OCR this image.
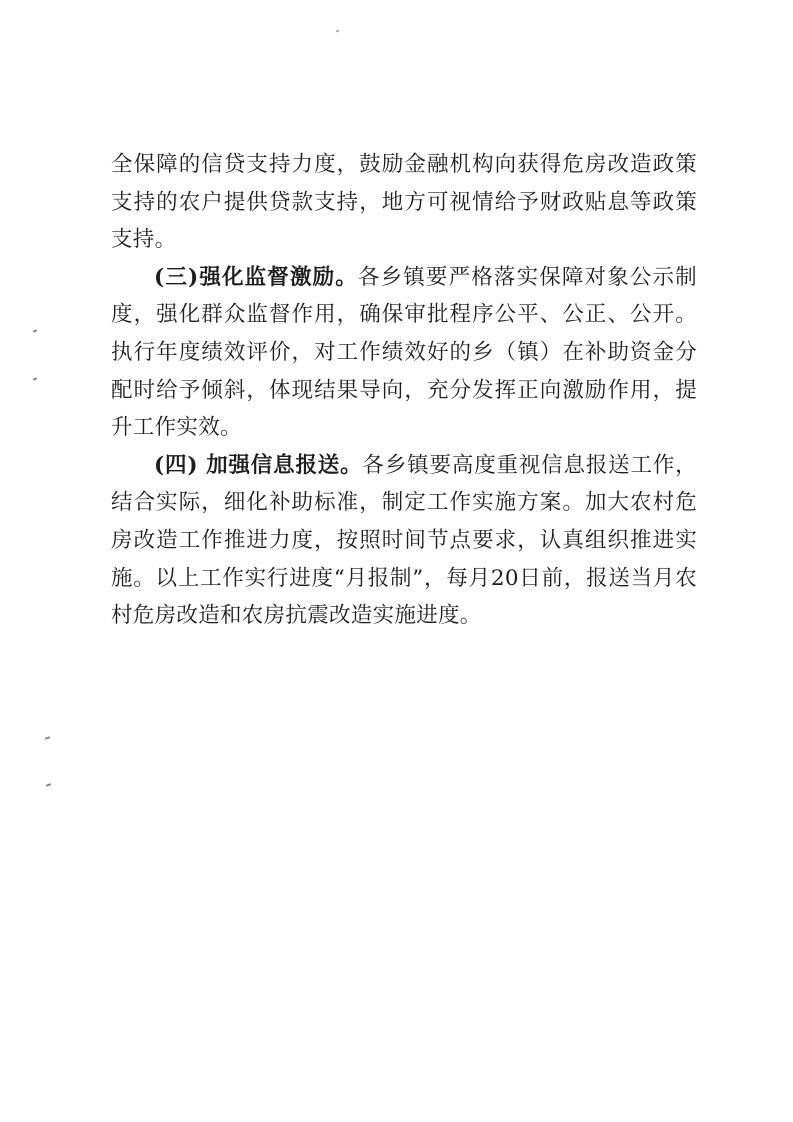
全保障的信贷支持力度，鼓励金融机构向获得危房改造政策支持的农户提供贷款支持，地方可视情给予财政贴息等政策支持。

(三)强化监督激励。各乡镇要严格落实保障对象公示制度，强化群众监督作用，确保审批程序公平、公正、公开。执行年度绩效评价，对工作绩效好的乡（镇）在补助资金分配时给予倾斜，体现结果导向，充分发挥正向激励作用，提升工作实效。

(四) 加强信息报送。各乡镇要高度重视信息报送工作，结合实际，细化补助标准，制定工作实施方案。加大农村危房改造工作推进力度，按照时间节点要求，认真组织推进实施。以上工作实行进度“月报制”，每月20日前，报送当月农村危房改造和农房抗震改造实施进度。
